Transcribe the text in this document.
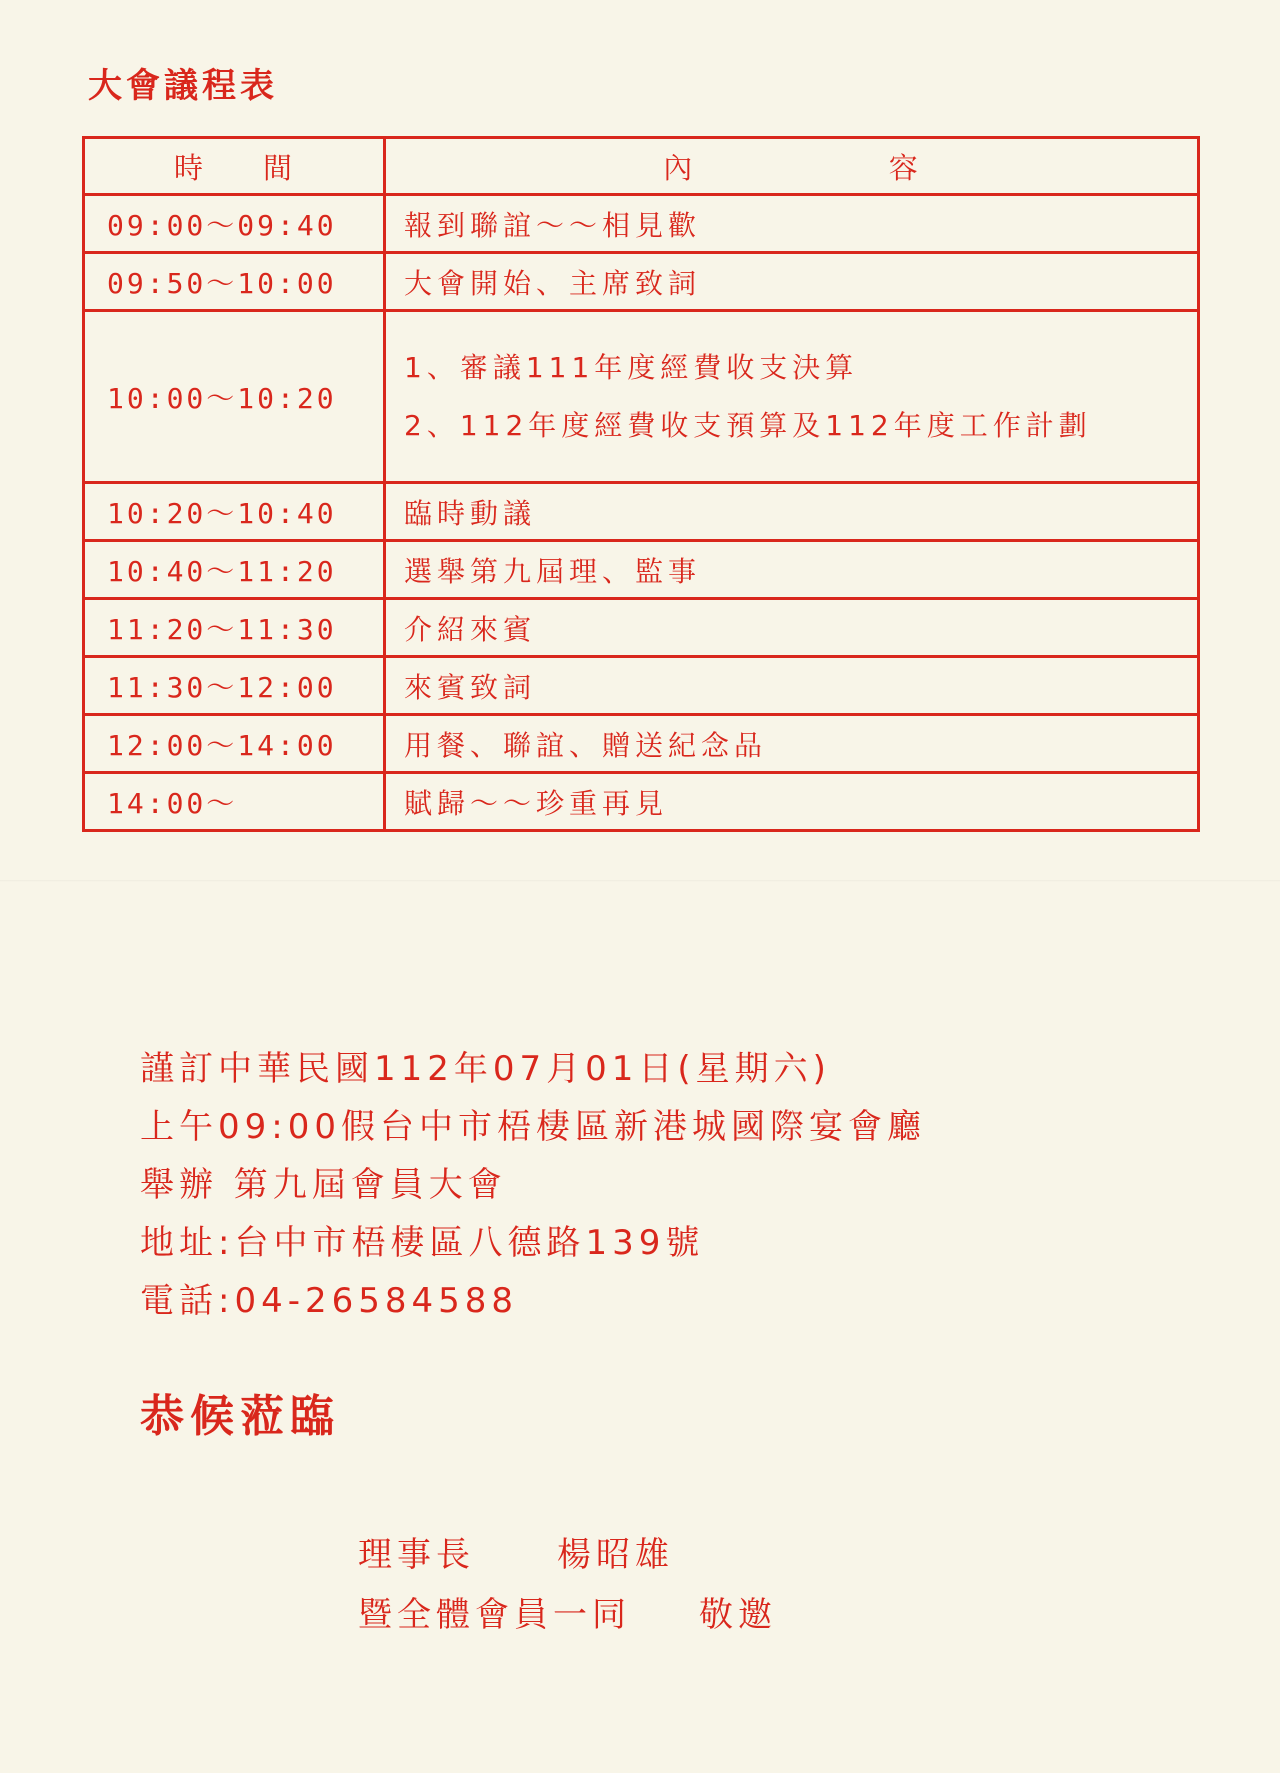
大會議程表
時 間	內 容

09:00～09:40	報到聯誼～～相見歡
09:50～10:00	大會開始、主席致詞
10:00～10:20	1、審議111年度經費收支決算
2、112年度經費收支預算及112年度工作計劃

10:20～10:40	臨時動議
10:40～11:20	選舉第九屆理、監事
11:20～11:30	介紹來賓
11:30～12:00	來賓致詞
12:00～14:00	用餐、聯誼、贈送紀念品
14:00～	賦歸～～珍重再見
謹訂中華民國112年07月01日(星期六)
上午09:00假台中市梧棲區新港城國際宴會廳
舉辦 第九屆會員大會
地址:台中市梧棲區八德路139號
電話:04-26584588
恭候蒞臨
理事長 楊昭雄
暨全體會員一同 敬邀
